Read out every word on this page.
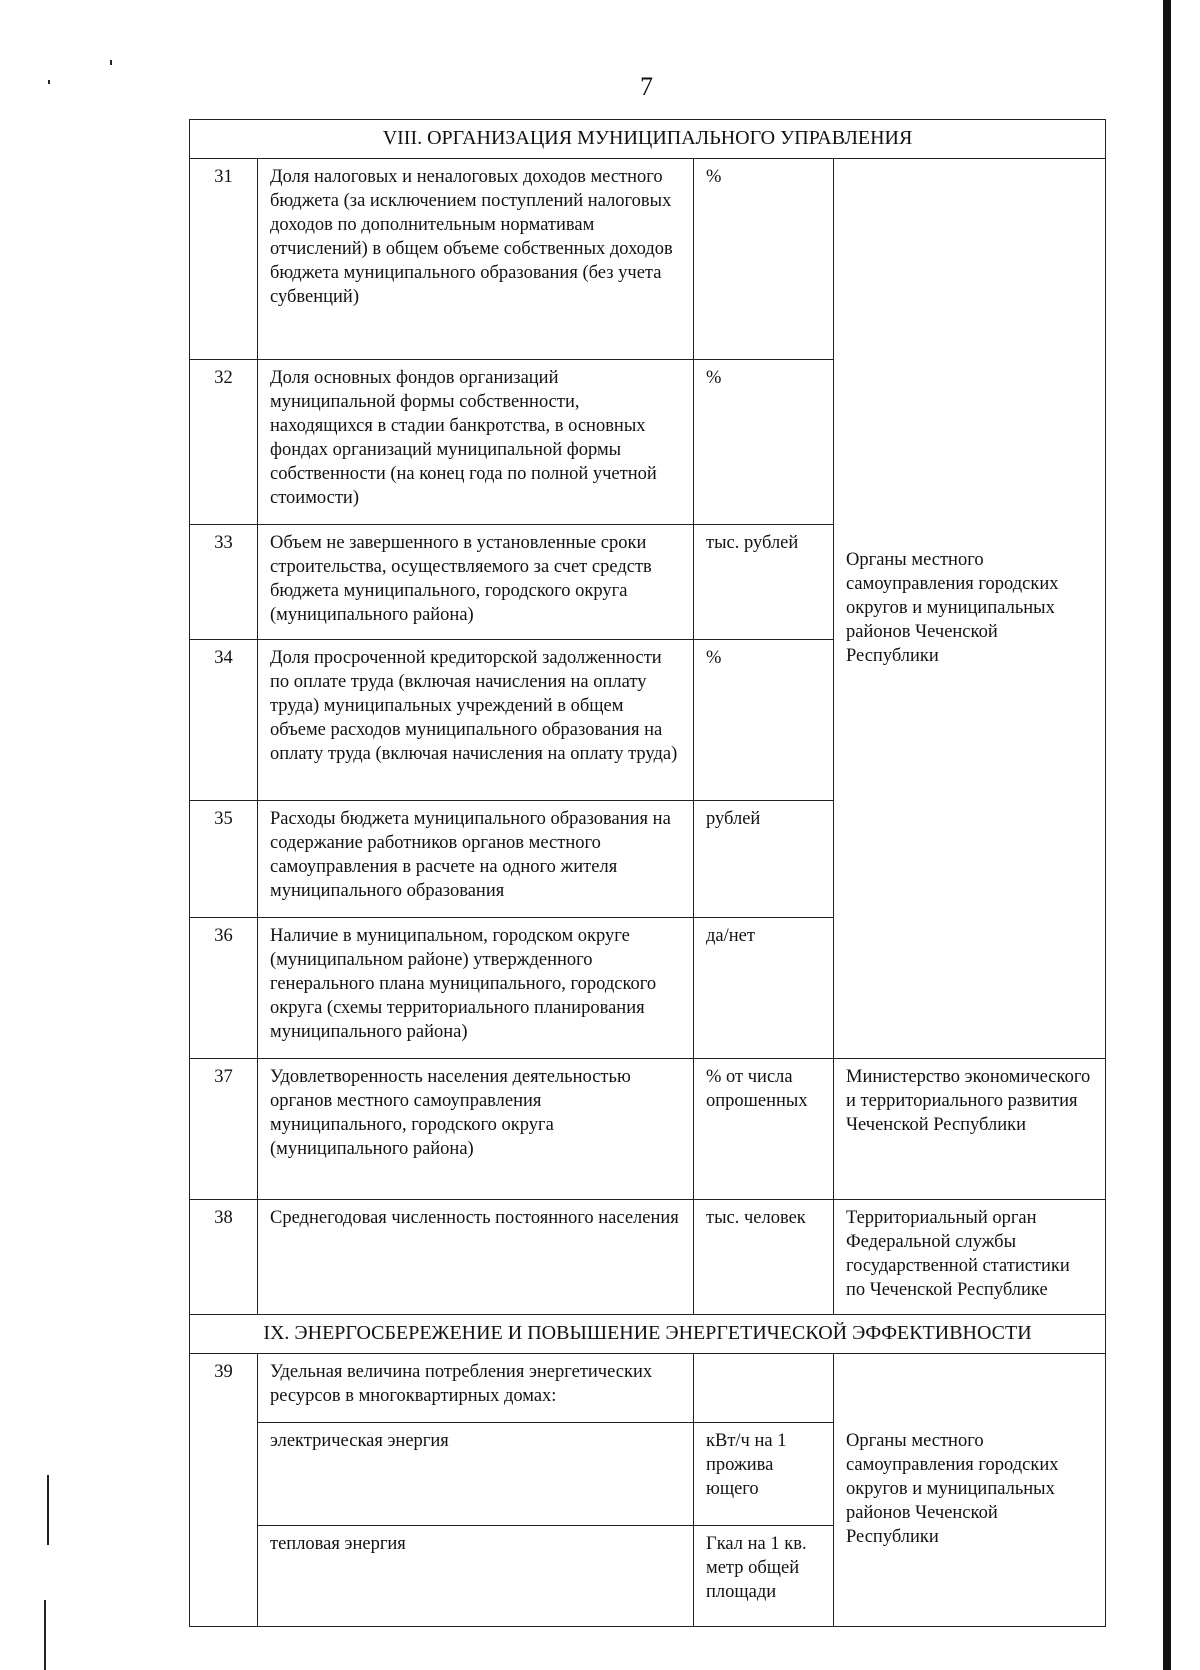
7
VIII. ОРГАНИЗАЦИЯ МУНИЦИПАЛЬНОГО УПРАВЛЕНИЯ			
31	Доля налоговых и неналоговых доходов местного бюджета (за исключением поступлений налоговых доходов по дополнительным нормативам отчислений) в общем объеме собственных доходов бюджета муниципального образования (без учета субвенций)	%	Органы местного самоуправления городских округов и муниципальных районов Чеченской Республики
32	Доля основных фондов организаций муниципальной формы собственности, находящихся в стадии банкротства, в основных фондах организаций муниципальной формы собственности (на конец года по полной учетной стоимости)	%	
33	Объем не завершенного в установленные сроки строительства, осуществляемого за счет средств бюджета муниципального, городского округа (муниципального района)	тыс. рублей	
34	Доля просроченной кредиторской задолженности по оплате труда (включая начисления на оплату труда) муниципальных учреждений в общем объеме расходов муниципального образования на оплату труда (включая начисления на оплату труда)	%	
35	Расходы бюджета муниципального образования на содержание работников органов местного самоуправления в расчете на одного жителя муниципального образования	рублей	
36	Наличие в муниципальном, городском округе (муниципальном районе) утвержденного генерального плана муниципального, городского округа (схемы территориального планирования муниципального района)	да/нет	
37	Удовлетворенность населения деятельностью органов местного самоуправления муниципального, городского округа (муниципального района)	% от числа опрошенных	Министерство экономического и территориального развития Чеченской Республики
38	Среднегодовая численность постоянного населения	тыс. человек	Территориальный орган Федеральной службы государственной статистики по Чеченской Республике
IX. ЭНЕРГОСБЕРЕЖЕНИЕ И ПОВЫШЕНИЕ ЭНЕРГЕТИЧЕСКОЙ ЭФФЕКТИВНОСТИ			
39	Удельная величина потребления энергетических ресурсов в многоквартирных домах:		Органы местного самоуправления городских округов и муниципальных районов Чеченской Республики
	электрическая энергия	кВт/ч на 1 прожива ющего	
	тепловая энергия	Гкал на 1 кв. метр общей площади	
